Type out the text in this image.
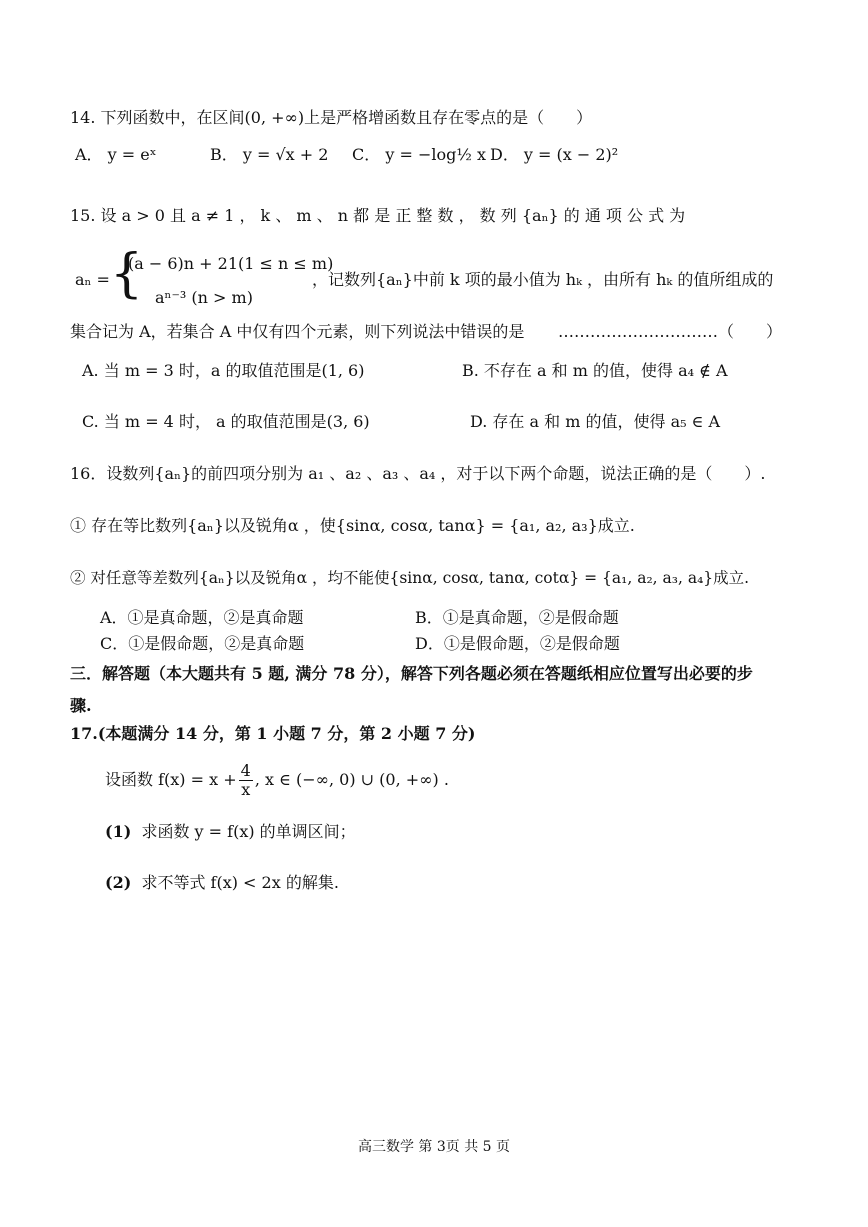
14. 下列函数中，在区间(0, +∞)上是严格增函数且存在零点的是（　　）
A． y = eˣ	B． y = √x + 2 C． y = −log½ x D． y = (x − 2)²
15. 设 a > 0 且 a ≠ 1 ， k 、 m 、 n 都 是 正 整 数 ， 数 列 {aₙ} 的 通 项 公 式 为
aₙ = {
(a − 6)n + 21(1 ≤ n ≤ m)
aⁿ⁻³ (n > m)
，记数列{aₙ}中前 k 项的最小值为 hₖ ，由所有 hₖ 的值所组成的
集合记为 A，若集合 A 中仅有四个元素，则下列说法中错误的是 …………………………（　　）
A. 当 m = 3 时，a 的取值范围是(1, 6)	B. 不存在 a 和 m 的值，使得 a₄ ∉ A
C. 当 m = 4 时， a 的取值范围是(3, 6)	D. 存在 a 和 m 的值，使得 a₅ ∈ A
16．设数列{aₙ}的前四项分别为 a₁ 、a₂ 、a₃ 、a₄ ，对于以下两个命题，说法正确的是（　　）.
① 存在等比数列{aₙ}以及锐角α ，使{sinα, cosα, tanα} = {a₁, a₂, a₃}成立.
② 对任意等差数列{aₙ}以及锐角α ，均不能使{sinα, cosα, tanα, cotα} = {a₁, a₂, a₃, a₄}成立.
A．①是真命题，②是真命题	B．①是真命题，②是假命题
C．①是假命题，②是真命题	D．①是假命题，②是假命题
三．解答题（本大题共有 5 题, 满分 78 分），解答下列各题必须在答题纸相应位置写出必要的步
骤.
17.(本题满分 14 分，第 1 小题 7 分，第 2 小题 7 分)
设函数 $f(x) = x + \frac{4}{x}$ , x ∈ (−∞, 0) ∪ (0, +∞) .
(1) 求函数 y = f(x) 的单调区间；
(2) 求不等式 f(x) < 2x 的解集.
高三数学 第 3页 共 5 页
